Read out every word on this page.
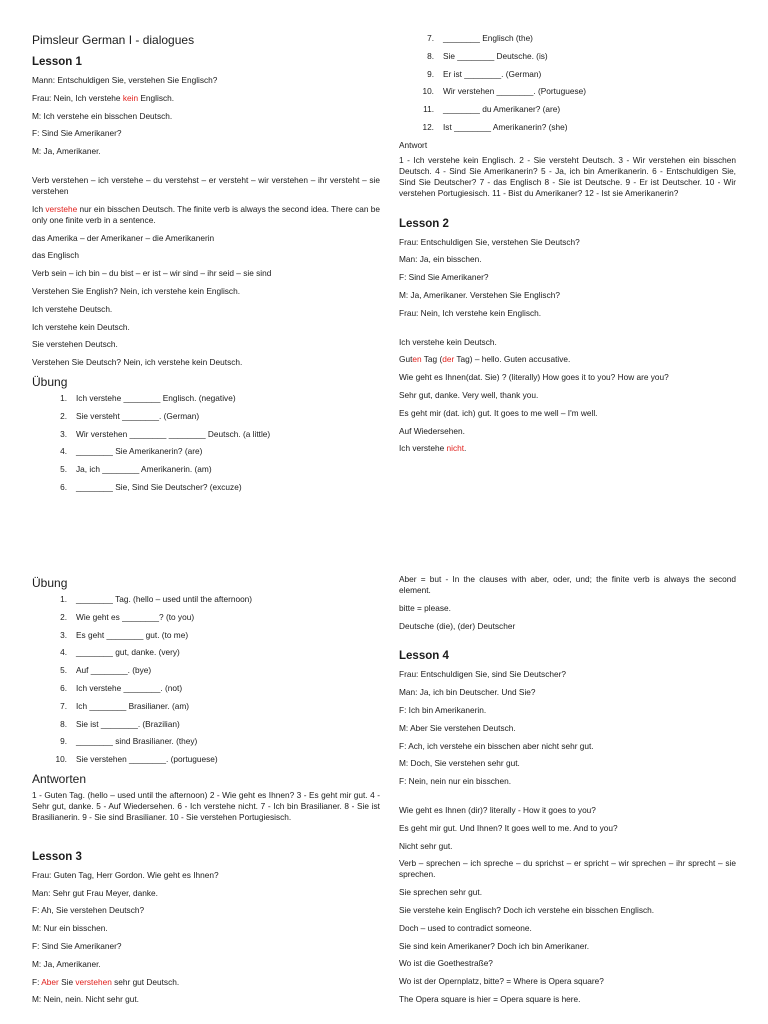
Pimsleur German I - dialogues
Lesson 1
Mann: Entschuldigen Sie, verstehen Sie Englisch?
Frau: Nein, Ich verstehe kein Englisch.
M: Ich verstehe ein bisschen Deutsch.
F: Sind Sie Amerikaner?
M: Ja, Amerikaner.
Verb verstehen – ich verstehe – du verstehst – er versteht – wir verstehen – ihr versteht – sie verstehen
Ich verstehe nur ein bisschen Deutsch. The finite verb is always the second idea. There can be only one finite verb in a sentence.
das Amerika – der Amerikaner – die Amerikanerin
das Englisch
Verb sein – ich bin – du bist – er ist – wir sind – ihr seid – sie sind
Verstehen Sie English? Nein, ich verstehe kein Englisch.
Ich verstehe Deutsch.
Ich verstehe kein Deutsch.
Sie verstehen Deutsch.
Verstehen Sie Deutsch? Nein, ich verstehe kein Deutsch.
Übung
1. Ich verstehe ________ Englisch. (negative)
2. Sie versteht ________. (German)
3. Wir verstehen ________ ________ Deutsch. (a little)
4. ________ Sie Amerikanerin? (are)
5. Ja, ich ________ Amerikanerin. (am)
6. ________ Sie, Sind Sie Deutscher? (excuze)
7. ________ Englisch (the)
8. Sie ________ Deutsche. (is)
9. Er ist ________. (German)
10. Wir verstehen ________. (Portuguese)
11. ________ du Amerikaner? (are)
12. Ist ________ Amerikanerin? (she)
Antwort
1 - Ich verstehe kein Englisch. 2 - Sie versteht Deutsch. 3 - Wir verstehen ein bisschen Deutsch. 4 - Sind Sie Amerikanerin? 5 - Ja, ich bin Amerikanerin. 6 - Entschuldigen Sie, Sind Sie Deutscher? 7 - das Englisch 8 - Sie ist Deutsche. 9 - Er ist Deutscher. 10 - Wir verstehen Portugiesisch. 11 - Bist du Amerikaner? 12 - Ist sie Amerikanerin?
Lesson 2
Frau: Entschuldigen Sie, verstehen Sie Deutsch?
Man: Ja, ein bisschen.
F: Sind Sie Amerikaner?
M: Ja, Amerikaner. Verstehen Sie Englisch?
Frau: Nein, Ich verstehe kein Englisch.
Ich verstehe kein Deutsch.
Guten Tag (der Tag) – hello. Guten accusative.
Wie geht es Ihnen(dat. Sie) ? (literally) How goes it to you? How are you?
Sehr gut, danke. Very well, thank you.
Es geht mir (dat. ich) gut. It goes to me well – I'm well.
Auf Wiedersehen.
Ich verstehe nicht.
Übung
1. ________ Tag. (hello – used until the afternoon)
2. Wie geht es ________? (to you)
3. Es geht ________ gut. (to me)
4. ________ gut, danke. (very)
5. Auf ________. (bye)
6. Ich verstehe ________. (not)
7. Ich ________ Brasilianer. (am)
8. Sie ist ________. (Brazilian)
9. ________ sind Brasilianer. (they)
10. Sie verstehen ________. (portuguese)
Antworten
1 - Guten Tag. (hello – used until the afternoon) 2 - Wie geht es Ihnen? 3 - Es geht mir gut. 4 - Sehr gut, danke. 5 - Auf Wiedersehen. 6 - Ich verstehe nicht. 7 - Ich bin Brasilianer. 8 - Sie ist Brasilianerin. 9 - Sie sind Brasilianer. 10 - Sie verstehen Portugiesisch.
Lesson 3
Frau: Guten Tag, Herr Gordon. Wie geht es Ihnen?
Man: Sehr gut Frau Meyer, danke.
F: Ah, Sie verstehen Deutsch?
M: Nur ein bisschen.
F: Sind Sie Amerikaner?
M: Ja, Amerikaner.
F: Aber Sie verstehen sehr gut Deutsch.
M: Nein, nein. Nicht sehr gut.
Aber = but - In the clauses with aber, oder, und; the finite verb is always the second element.
bitte = please.
Deutsche (die), (der) Deutscher
Lesson 4
Frau: Entschuldigen Sie, sind Sie Deutscher?
Man: Ja, ich bin Deutscher. Und Sie?
F: Ich bin Amerikanerin.
M: Aber Sie verstehen Deutsch.
F: Ach, ich verstehe ein bisschen aber nicht sehr gut.
M: Doch, Sie verstehen sehr gut.
F: Nein, nein nur ein bisschen.
Wie geht es Ihnen (dir)? literally - How it goes to you?
Es geht mir gut. Und Ihnen? It goes well to me. And to you?
Nicht sehr gut.
Verb – sprechen – ich spreche – du sprichst – er spricht – wir sprechen – ihr sprecht – sie sprechen.
Sie sprechen sehr gut.
Sie verstehe kein Englisch? Doch ich verstehe ein bisschen Englisch.
Doch – used to contradict someone.
Sie sind kein Amerikaner? Doch ich bin Amerikaner.
Wo ist die Goethestraße?
Wo ist der Opernplatz, bitte? = Where is Opera square?
The Opera square is hier = Opera square is here.
